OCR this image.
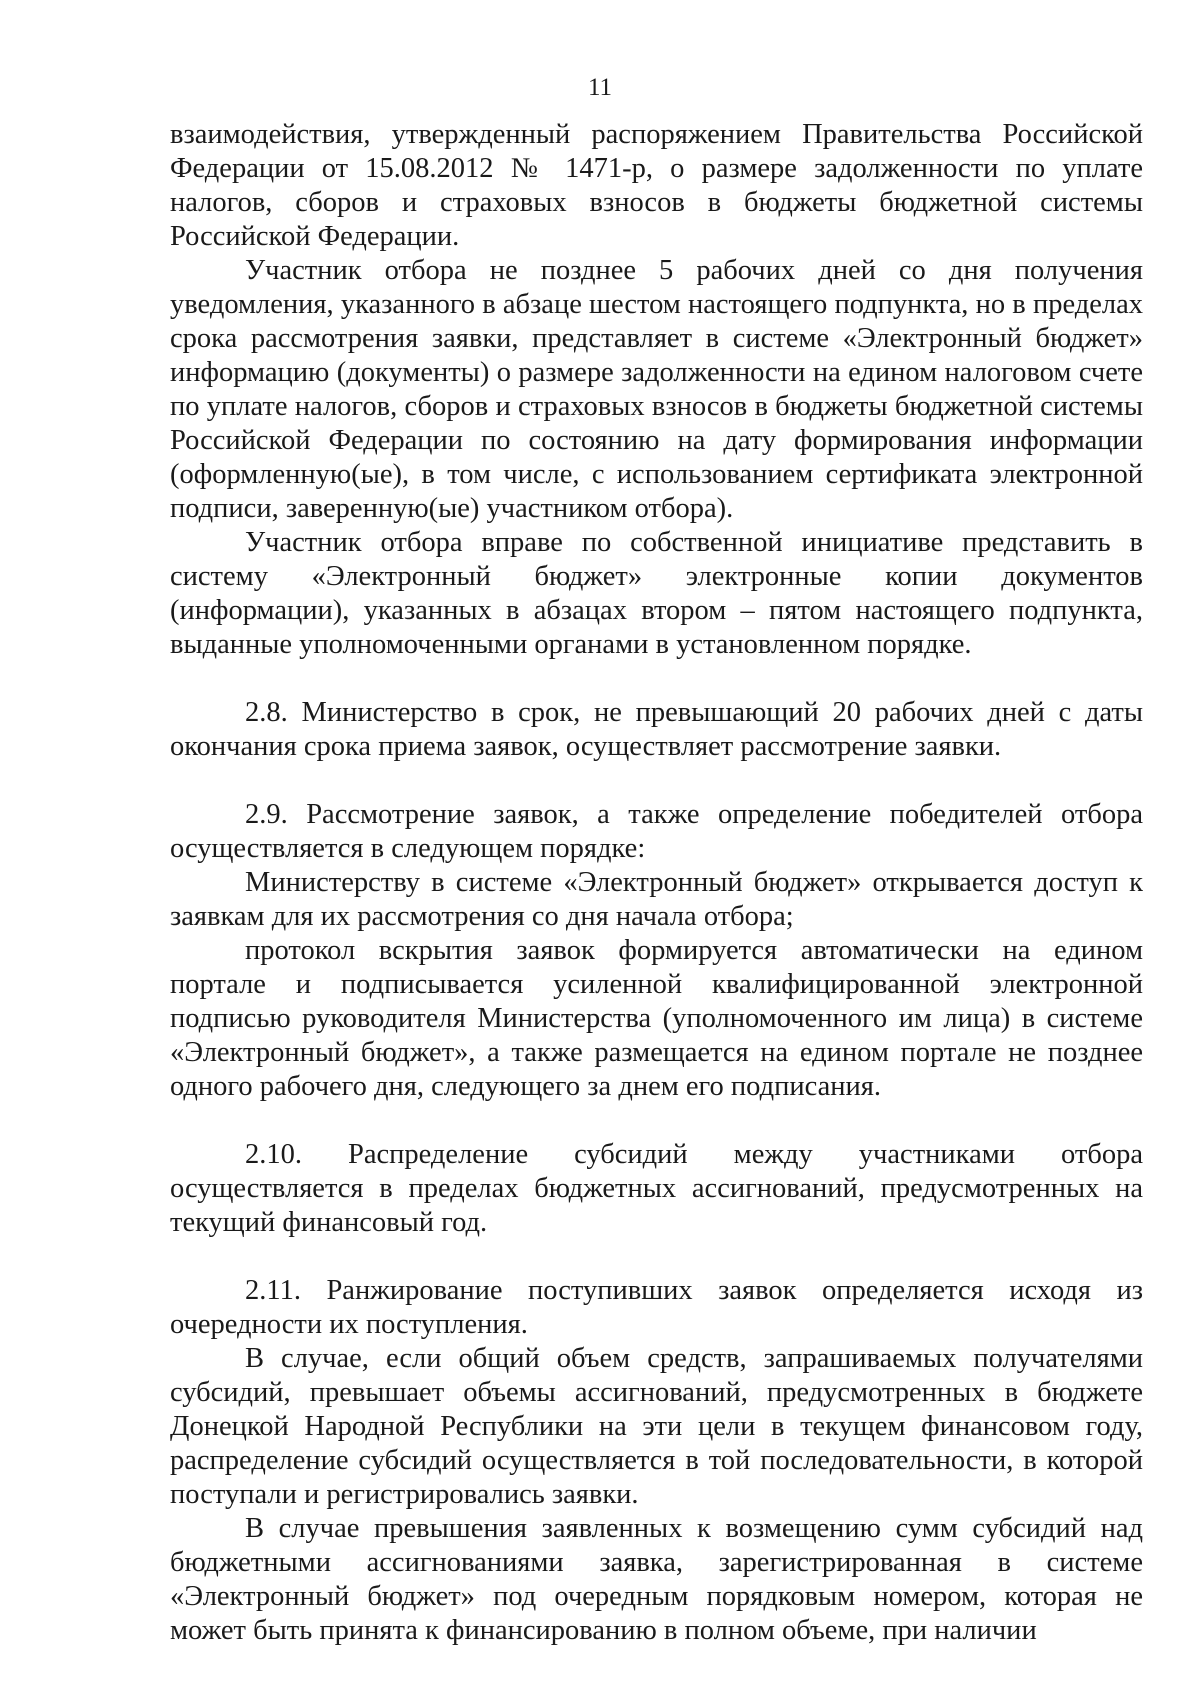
11

взаимодействия, утвержденный распоряжением Правительства Российской Федерации от 15.08.2012 № 1471-р, о размере задолженности по уплате налогов, сборов и страховых взносов в бюджеты бюджетной системы Российской Федерации.

Участник отбора не позднее 5 рабочих дней со дня получения уведомления, указанного в абзаце шестом настоящего подпункта, но в пределах срока рассмотрения заявки, представляет в системе «Электронный бюджет» информацию (документы) о размере задолженности на едином налоговом счете по уплате налогов, сборов и страховых взносов в бюджеты бюджетной системы Российской Федерации по состоянию на дату формирования информации (оформленную(ые), в том числе, с использованием сертификата электронной подписи, заверенную(ые) участником отбора).

Участник отбора вправе по собственной инициативе представить в систему «Электронный бюджет» электронные копии документов (информации), указанных в абзацах втором – пятом настоящего подпункта, выданные уполномоченными органами в установленном порядке.

2.8. Министерство в срок, не превышающий 20 рабочих дней с даты окончания срока приема заявок, осуществляет рассмотрение заявки.

2.9. Рассмотрение заявок, а также определение победителей отбора осуществляется в следующем порядке:

Министерству в системе «Электронный бюджет» открывается доступ к заявкам для их рассмотрения со дня начала отбора;

протокол вскрытия заявок формируется автоматически на едином портале и подписывается усиленной квалифицированной электронной подписью руководителя Министерства (уполномоченного им лица) в системе «Электронный бюджет», а также размещается на едином портале не позднее одного рабочего дня, следующего за днем его подписания.

2.10. Распределение субсидий между участниками отбора осуществляется в пределах бюджетных ассигнований, предусмотренных на текущий финансовый год.

2.11. Ранжирование поступивших заявок определяется исходя из очередности их поступления.

В случае, если общий объем средств, запрашиваемых получателями субсидий, превышает объемы ассигнований, предусмотренных в бюджете Донецкой Народной Республики на эти цели в текущем финансовом году, распределение субсидий осуществляется в той последовательности, в которой поступали и регистрировались заявки.

В случае превышения заявленных к возмещению сумм субсидий над бюджетными ассигнованиями заявка, зарегистрированная в системе «Электронный бюджет» под очередным порядковым номером, которая не может быть принята к финансированию в полном объеме, при наличии
